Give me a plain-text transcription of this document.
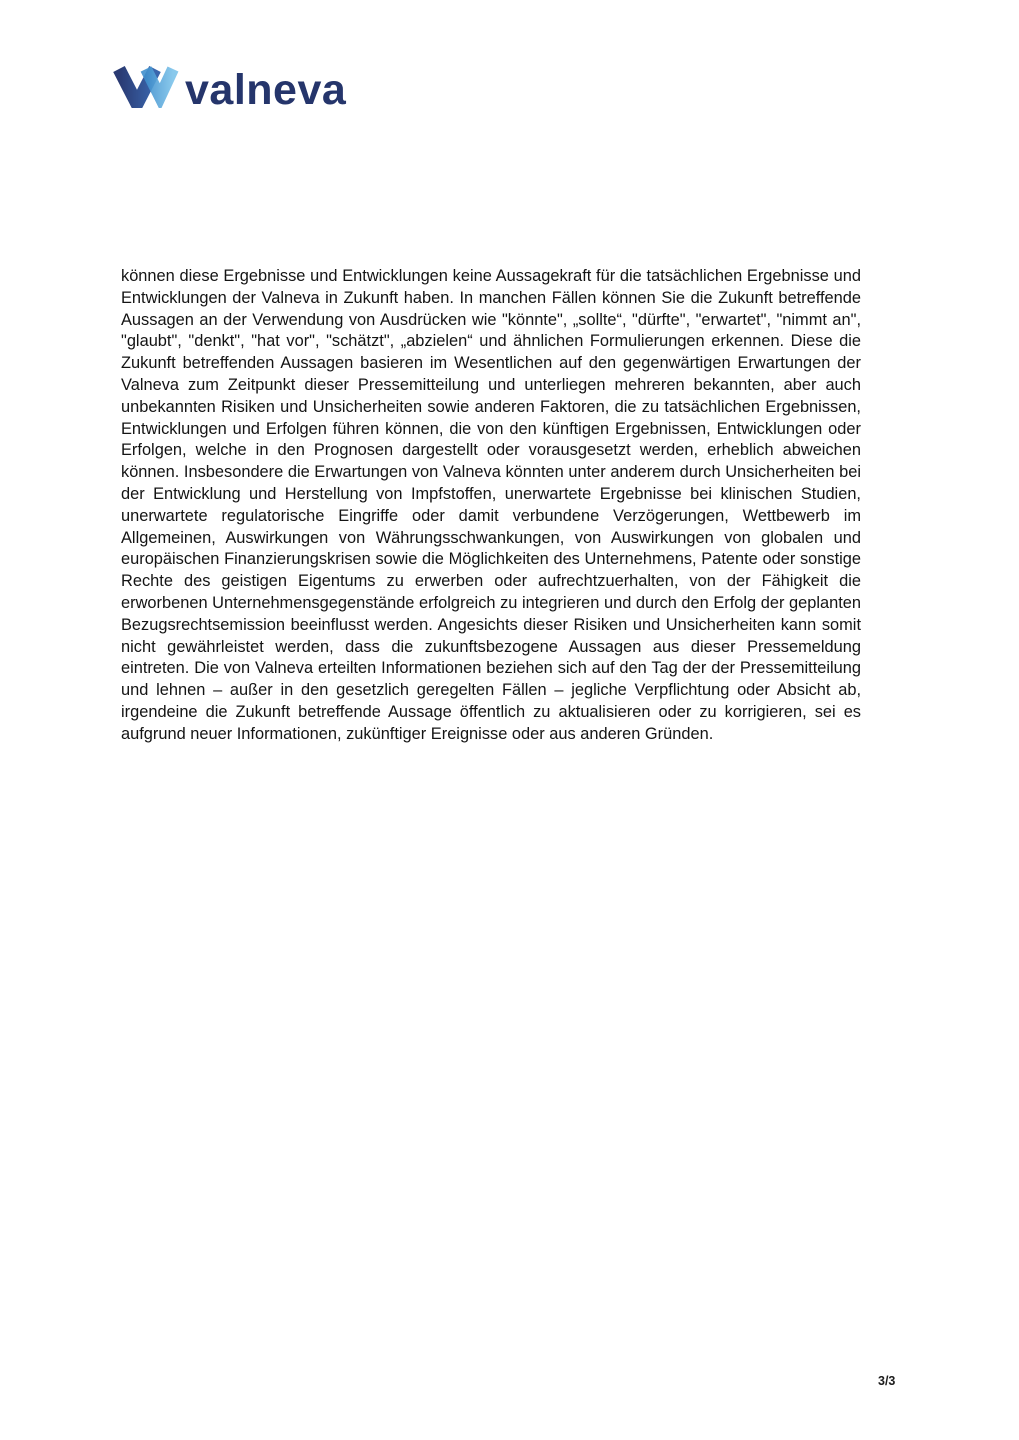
valneva

können diese Ergebnisse und Entwicklungen keine Aussagekraft für die tatsächlichen Ergebnisse und Entwicklungen der Valneva in Zukunft haben. In manchen Fällen können Sie die Zukunft betreffende Aussagen an der Verwendung von Ausdrücken wie "könnte", „sollte“, "dürfte", "erwartet", "nimmt an", "glaubt", "denkt", "hat vor", "schätzt", „abzielen“ und ähnlichen Formulierungen erkennen. Diese die Zukunft betreffenden Aussagen basieren im Wesentlichen auf den gegenwärtigen Erwartungen der Valneva zum Zeitpunkt dieser Pressemitteilung und unterliegen mehreren bekannten, aber auch unbekannten Risiken und Unsicherheiten sowie anderen Faktoren, die zu tatsächlichen Ergebnissen, Entwicklungen und Erfolgen führen können, die von den künftigen Ergebnissen, Entwicklungen oder Erfolgen, welche in den Prognosen dargestellt oder vorausgesetzt werden, erheblich abweichen können. Insbesondere die Erwartungen von Valneva könnten unter anderem durch Unsicherheiten bei der Entwicklung und Herstellung von Impfstoffen, unerwartete Ergebnisse bei klinischen Studien, unerwartete regulatorische Eingriffe oder damit verbundene Verzögerungen, Wettbewerb im Allgemeinen, Auswirkungen von Währungsschwankungen, von Auswirkungen von globalen und europäischen Finanzierungskrisen sowie die Möglichkeiten des Unternehmens, Patente oder sonstige Rechte des geistigen Eigentums zu erwerben oder aufrechtzuerhalten, von der Fähigkeit die erworbenen Unternehmensgegenstände erfolgreich zu integrieren und durch den Erfolg der geplanten Bezugsrechtsemission beeinflusst werden. Angesichts dieser Risiken und Unsicherheiten kann somit nicht gewährleistet werden, dass die zukunftsbezogene Aussagen aus dieser Pressemeldung eintreten. Die von Valneva erteilten Informationen beziehen sich auf den Tag der der Pressemitteilung und lehnen – außer in den gesetzlich geregelten Fällen – jegliche Verpflichtung oder Absicht ab, irgendeine die Zukunft betreffende Aussage öffentlich zu aktualisieren oder zu korrigieren, sei es aufgrund neuer Informationen, zukünftiger Ereignisse oder aus anderen Gründen.

3/3
